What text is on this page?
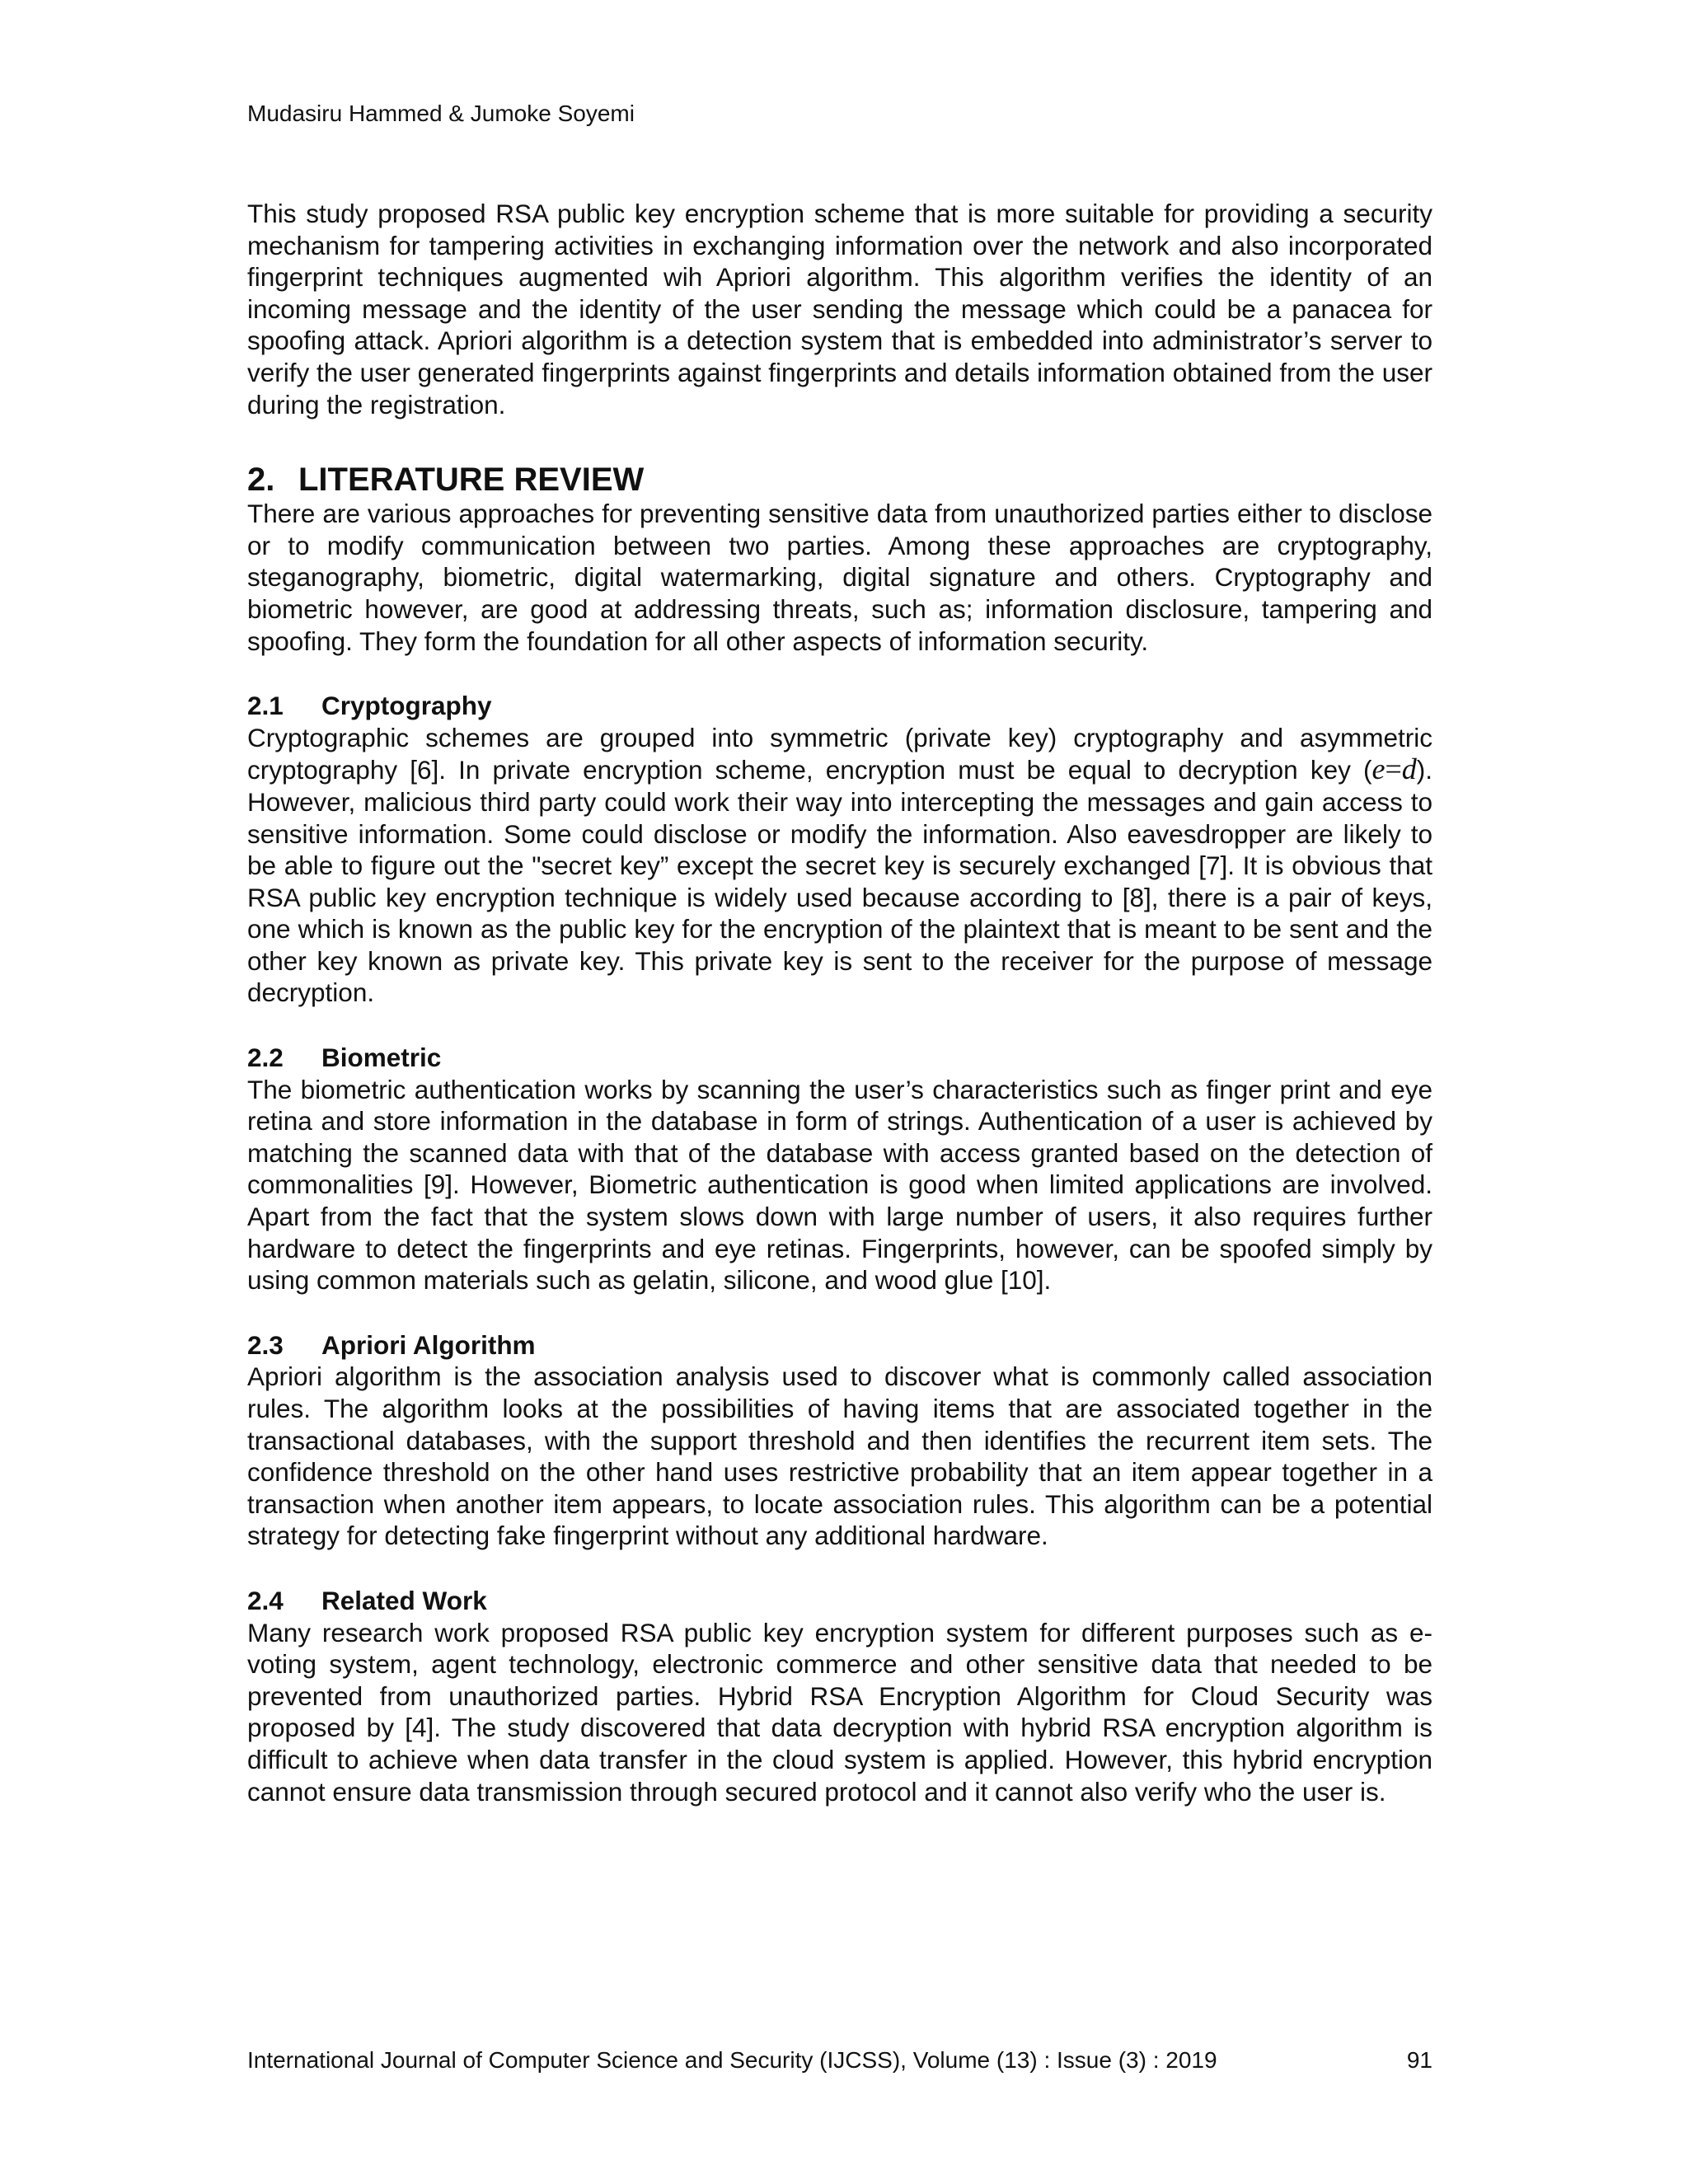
Mudasiru Hammed & Jumoke Soyemi

This study proposed RSA public key encryption scheme that is more suitable for providing a security mechanism for tampering activities in exchanging information over the network and also incorporated fingerprint techniques augmented wih Apriori algorithm. This algorithm verifies the identity of an incoming message and the identity of the user sending the message which could be a panacea for spoofing attack. Apriori algorithm is a detection system that is embedded into administrator’s server to verify the user generated fingerprints against fingerprints and details information obtained from the user during the registration.

2. LITERATURE REVIEW

There are various approaches for preventing sensitive data from unauthorized parties either to disclose or to modify communication between two parties. Among these approaches are cryptography, steganography, biometric, digital watermarking, digital signature and others. Cryptography and biometric however, are good at addressing threats, such as; information disclosure, tampering and spoofing. They form the foundation for all other aspects of information security.

2.1 Cryptography

Cryptographic schemes are grouped into symmetric (private key) cryptography and asymmetric cryptography [6]. In private encryption scheme, encryption must be equal to decryption key (e=d). However, malicious third party could work their way into intercepting the messages and gain access to sensitive information. Some could disclose or modify the information. Also eavesdropper are likely to be able to figure out the "secret key” except the secret key is securely exchanged [7]. It is obvious that RSA public key encryption technique is widely used because according to [8], there is a pair of keys, one which is known as the public key for the encryption of the plaintext that is meant to be sent and the other key known as private key. This private key is sent to the receiver for the purpose of message decryption.

2.2 Biometric

The biometric authentication works by scanning the user’s characteristics such as finger print and eye retina and store information in the database in form of strings. Authentication of a user is achieved by matching the scanned data with that of the database with access granted based on the detection of commonalities [9]. However, Biometric authentication is good when limited applications are involved. Apart from the fact that the system slows down with large number of users, it also requires further hardware to detect the fingerprints and eye retinas. Fingerprints, however, can be spoofed simply by using common materials such as gelatin, silicone, and wood glue [10].

2.3 Apriori Algorithm

Apriori algorithm is the association analysis used to discover what is commonly called association rules. The algorithm looks at the possibilities of having items that are associated together in the transactional databases, with the support threshold and then identifies the recurrent item sets. The confidence threshold on the other hand uses restrictive probability that an item appear together in a transaction when another item appears, to locate association rules. This algorithm can be a potential strategy for detecting fake fingerprint without any additional hardware.

2.4 Related Work

Many research work proposed RSA public key encryption system for different purposes such as e-voting system, agent technology, electronic commerce and other sensitive data that needed to be prevented from unauthorized parties. Hybrid RSA Encryption Algorithm for Cloud Security was proposed by [4]. The study discovered that data decryption with hybrid RSA encryption algorithm is difficult to achieve when data transfer in the cloud system is applied. However, this hybrid encryption cannot ensure data transmission through secured protocol and it cannot also verify who the user is.

International Journal of Computer Science and Security (IJCSS), Volume (13) : Issue (3) : 2019	91
